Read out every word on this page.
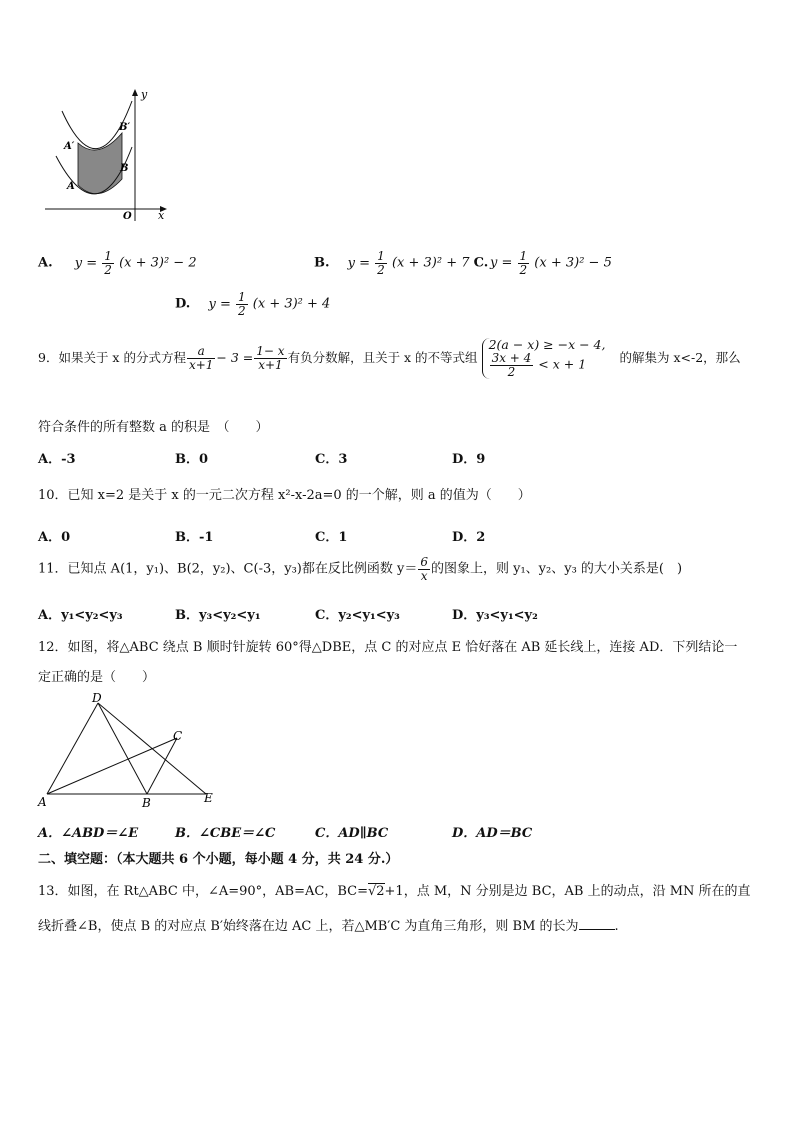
y
x
O
A
A′
B
B′
A. $y = \frac{1}{2} (x + 3)^2 - 2$	B. $y = \frac{1}{2} (x + 3)^2 + 7$ C. $y = \frac{1}{2} (x + 3)^2 - 5$
D. $y = \frac{1}{2} (x + 3)^2 + 4$
9．如果关于 x 的分式方程 $\frac{a}{x+1} - 3 = \frac{1- x}{x+1}$ 有负分数解，且关于 x 的不等式组
2(a − x) ≥ −x − 4,
$\frac{3x + 4}{2} < x + 1$	的解集为 x<-2，那么
符合条件的所有整数 a 的积是　（　　）
A．-3	B．0	C．3	D．9
10．已知 x=2 是关于 x 的一元二次方程 x²-x-2a=0 的一个解，则 a 的值为（　　）
A．0	B．-1	C．1	D．2
11．已知点 A(1，y₁)、B(2，y₂)、C(-3，y₃)都在反比例函数 $y= \frac{6}{x}$ 的图象上，则 y₁、y₂、y₃ 的大小关系是(　)
A．y₁<y₂<y₃	B．y₃<y₂<y₁	C．y₂<y₁<y₃	D．y₃<y₁<y₂
12．如图，将△ABC 绕点 B 顺时针旋转 60°得△DBE，点 C 的对应点 E 恰好落在 AB 延长线上，连接 AD．下列结论一
定正确的是（　　）
D
C
A	B	E
A．∠ABD＝∠E	B．∠CBE＝∠C	C．AD∥BC	D．AD＝BC
二、填空题：（本大题共 6 个小题，每小题 4 分，共 24 分.）
13．如图，在 Rt△ABC 中，∠A=90°，AB=AC，BC=√2+1，点 M，N 分别是边 BC，AB 上的动点，沿 MN 所在的直
线折叠∠B，使点 B 的对应点 B′始终落在边 AC 上，若△MB′C 为直角三角形，则 BM 的长为	.
